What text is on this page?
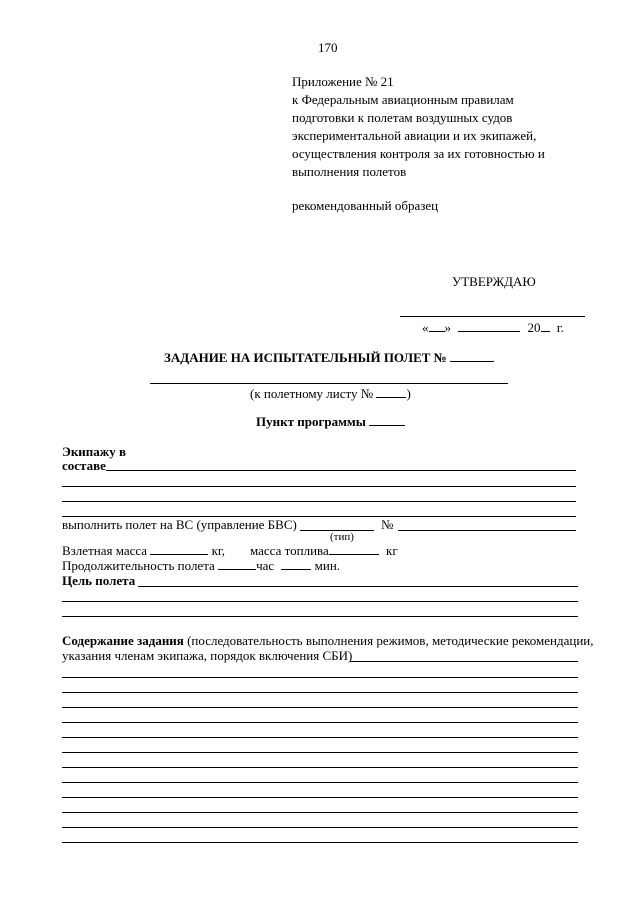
170
Приложение № 21
к Федеральным авиационным правилам
подготовки к полетам воздушных судов
экспериментальной авиации и их экипажей,
осуществления контроля за их готовностью и
выполнения полетов
рекомендованный образец
УТВЕРЖДАЮ
« »	20 г.
ЗАДАНИЕ НА ИСПЫТАТЕЛЬНЫЙ ПОЛЕТ №
(к полетному листу №	)
Пункт программы
Экипажу в
составе
выполнить полет на ВС (управление БВС)	№
(тип)
Взлетная масса	кг, масса топлива	кг
Продолжительность полета	час	мин.
Цель полета
Содержание задания (последовательность выполнения режимов, методические рекомендации,
указания членам экипажа, порядок включения СБИ)
